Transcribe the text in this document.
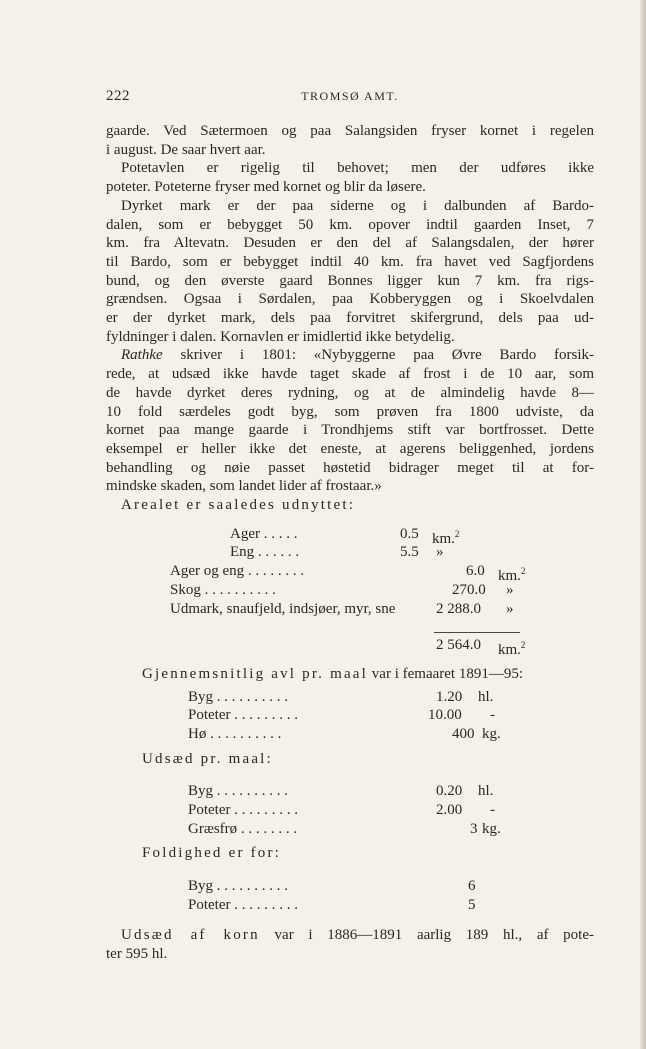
222	TROMSØ AMT.

gaarde. Ved Sætermoen og paa Salangsiden fryser kornet i regelen

i august. De saar hvert aar.

Potetavlen er rigelig til behovet; men der udføres ikke

poteter. Poteterne fryser med kornet og blir da løsere.

Dyrket mark er der paa siderne og i dalbunden af Bardo-

dalen, som er bebygget 50 km. opover indtil gaarden Inset, 7

km. fra Altevatn. Desuden er den del af Salangsdalen, der hører

til Bardo, som er bebygget indtil 40 km. fra havet ved Sagfjordens

bund, og den øverste gaard Bonnes ligger kun 7 km. fra rigs-

grændsen. Ogsaa i Sørdalen, paa Kobberyggen og i Skoelvdalen

er der dyrket mark, dels paa forvitret skifergrund, dels paa ud-

fyldninger i dalen. Kornavlen er imidlertid ikke betydelig.

Rathke skriver i 1801: «Nybyggerne paa Øvre Bardo forsik-

rede, at udsæd ikke havde taget skade af frost i de 10 aar, som

de havde dyrket deres rydning, og at de almindelig havde 8—

10 fold særdeles godt byg, som prøven fra 1800 udviste, da

kornet paa mange gaarde i Trondhjems stift var bortfrosset. Dette

eksempel er heller ikke det eneste, at agerens beliggenhed, jordens

behandling og nøie passet høstetid bidrager meget til at for-

mindske skaden, som landet lider af frostaar.»

Arealet er saaledes udnyttet:

Ager . . . . .	0.5 km.$^2$
Eng . . . . . .	5.5 »
Ager og eng . . . . . . . .	6.0 km.$^2$
Skog . . . . . . . . . .	270.0 »
Udmark, snaufjeld, indsjøer, myr, sne	2 288.0 »
2 564.0 km.$^2$
Gjennemsnitlig avl pr. maal var i femaaret 1891—95:
Byg . . . . . . . . . .	1.20 hl.
Poteter . . . . . . . . .	10.00 -
Hø . . . . . . . . . .	400 kg.
Udsæd pr. maal:
Byg . . . . . . . . . .	0.20 hl.
Poteter . . . . . . . . .	2.00 -
Græsfrø . . . . . . . .	3 kg.
Foldighed er for:
Byg . . . . . . . . . .	6
Poteter . . . . . . . . .	5

Udsæd af korn var i 1886—1891 aarlig 189 hl., af pote-

ter 595 hl.
